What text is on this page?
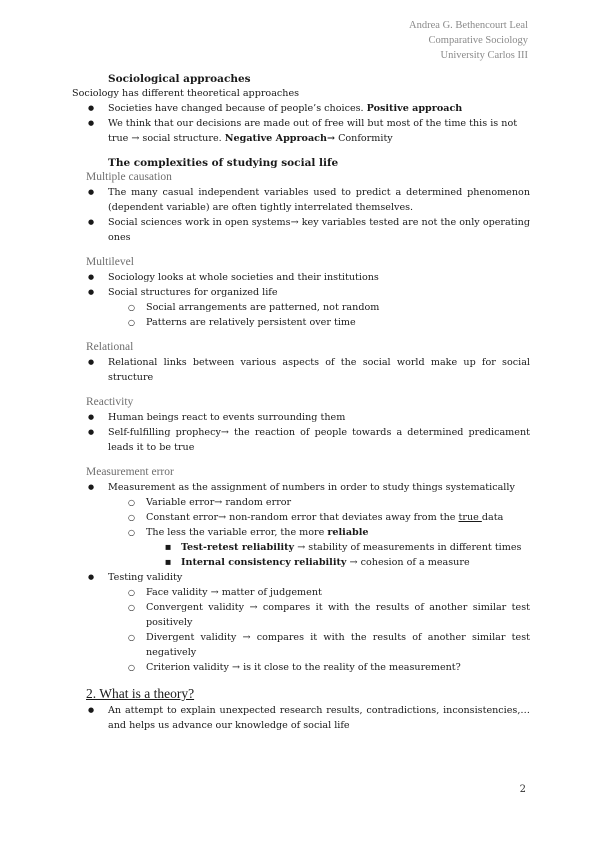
Andrea G. Bethencourt Leal
Comparative Sociology
University Carlos III
Sociological approaches
Sociology has different theoretical approaches
● Societies have changed because of people’s choices. Positive approach
● We think that our decisions are made out of free will but most of the time this is not true → social structure. Negative Approach→ Conformity
The complexities of studying social life
Multiple causation
● The many casual independent variables used to predict a determined phenomenon (dependent variable) are often tightly interrelated themselves.
● Social sciences work in open systems→ key variables tested are not the only operating ones
Multilevel
● Sociology looks at whole societies and their institutions
● Social structures for organized life
○ Social arrangements are patterned, not random
○ Patterns are relatively persistent over time
Relational
● Relational links between various aspects of the social world make up for social structure
Reactivity
● Human beings react to events surrounding them
● Self-fulfilling prophecy→ the reaction of people towards a determined predicament leads it to be true
Measurement error
● Measurement as the assignment of numbers in order to study things systematically
○ Variable error→ random error
○ Constant error→ non-random error that deviates away from the true data
○ The less the variable error, the more reliable
■ Test-retest reliability → stability of measurements in different times
■ Internal consistency reliability → cohesion of a measure
● Testing validity
○ Face validity → matter of judgement
○ Convergent validity → compares it with the results of another similar test positively
○ Divergent validity → compares it with the results of another similar test negatively
○ Criterion validity → is it close to the reality of the measurement?
2. What is a theory?
● An attempt to explain unexpected research results, contradictions, inconsistencies,… and helps us advance our knowledge of social life
2
